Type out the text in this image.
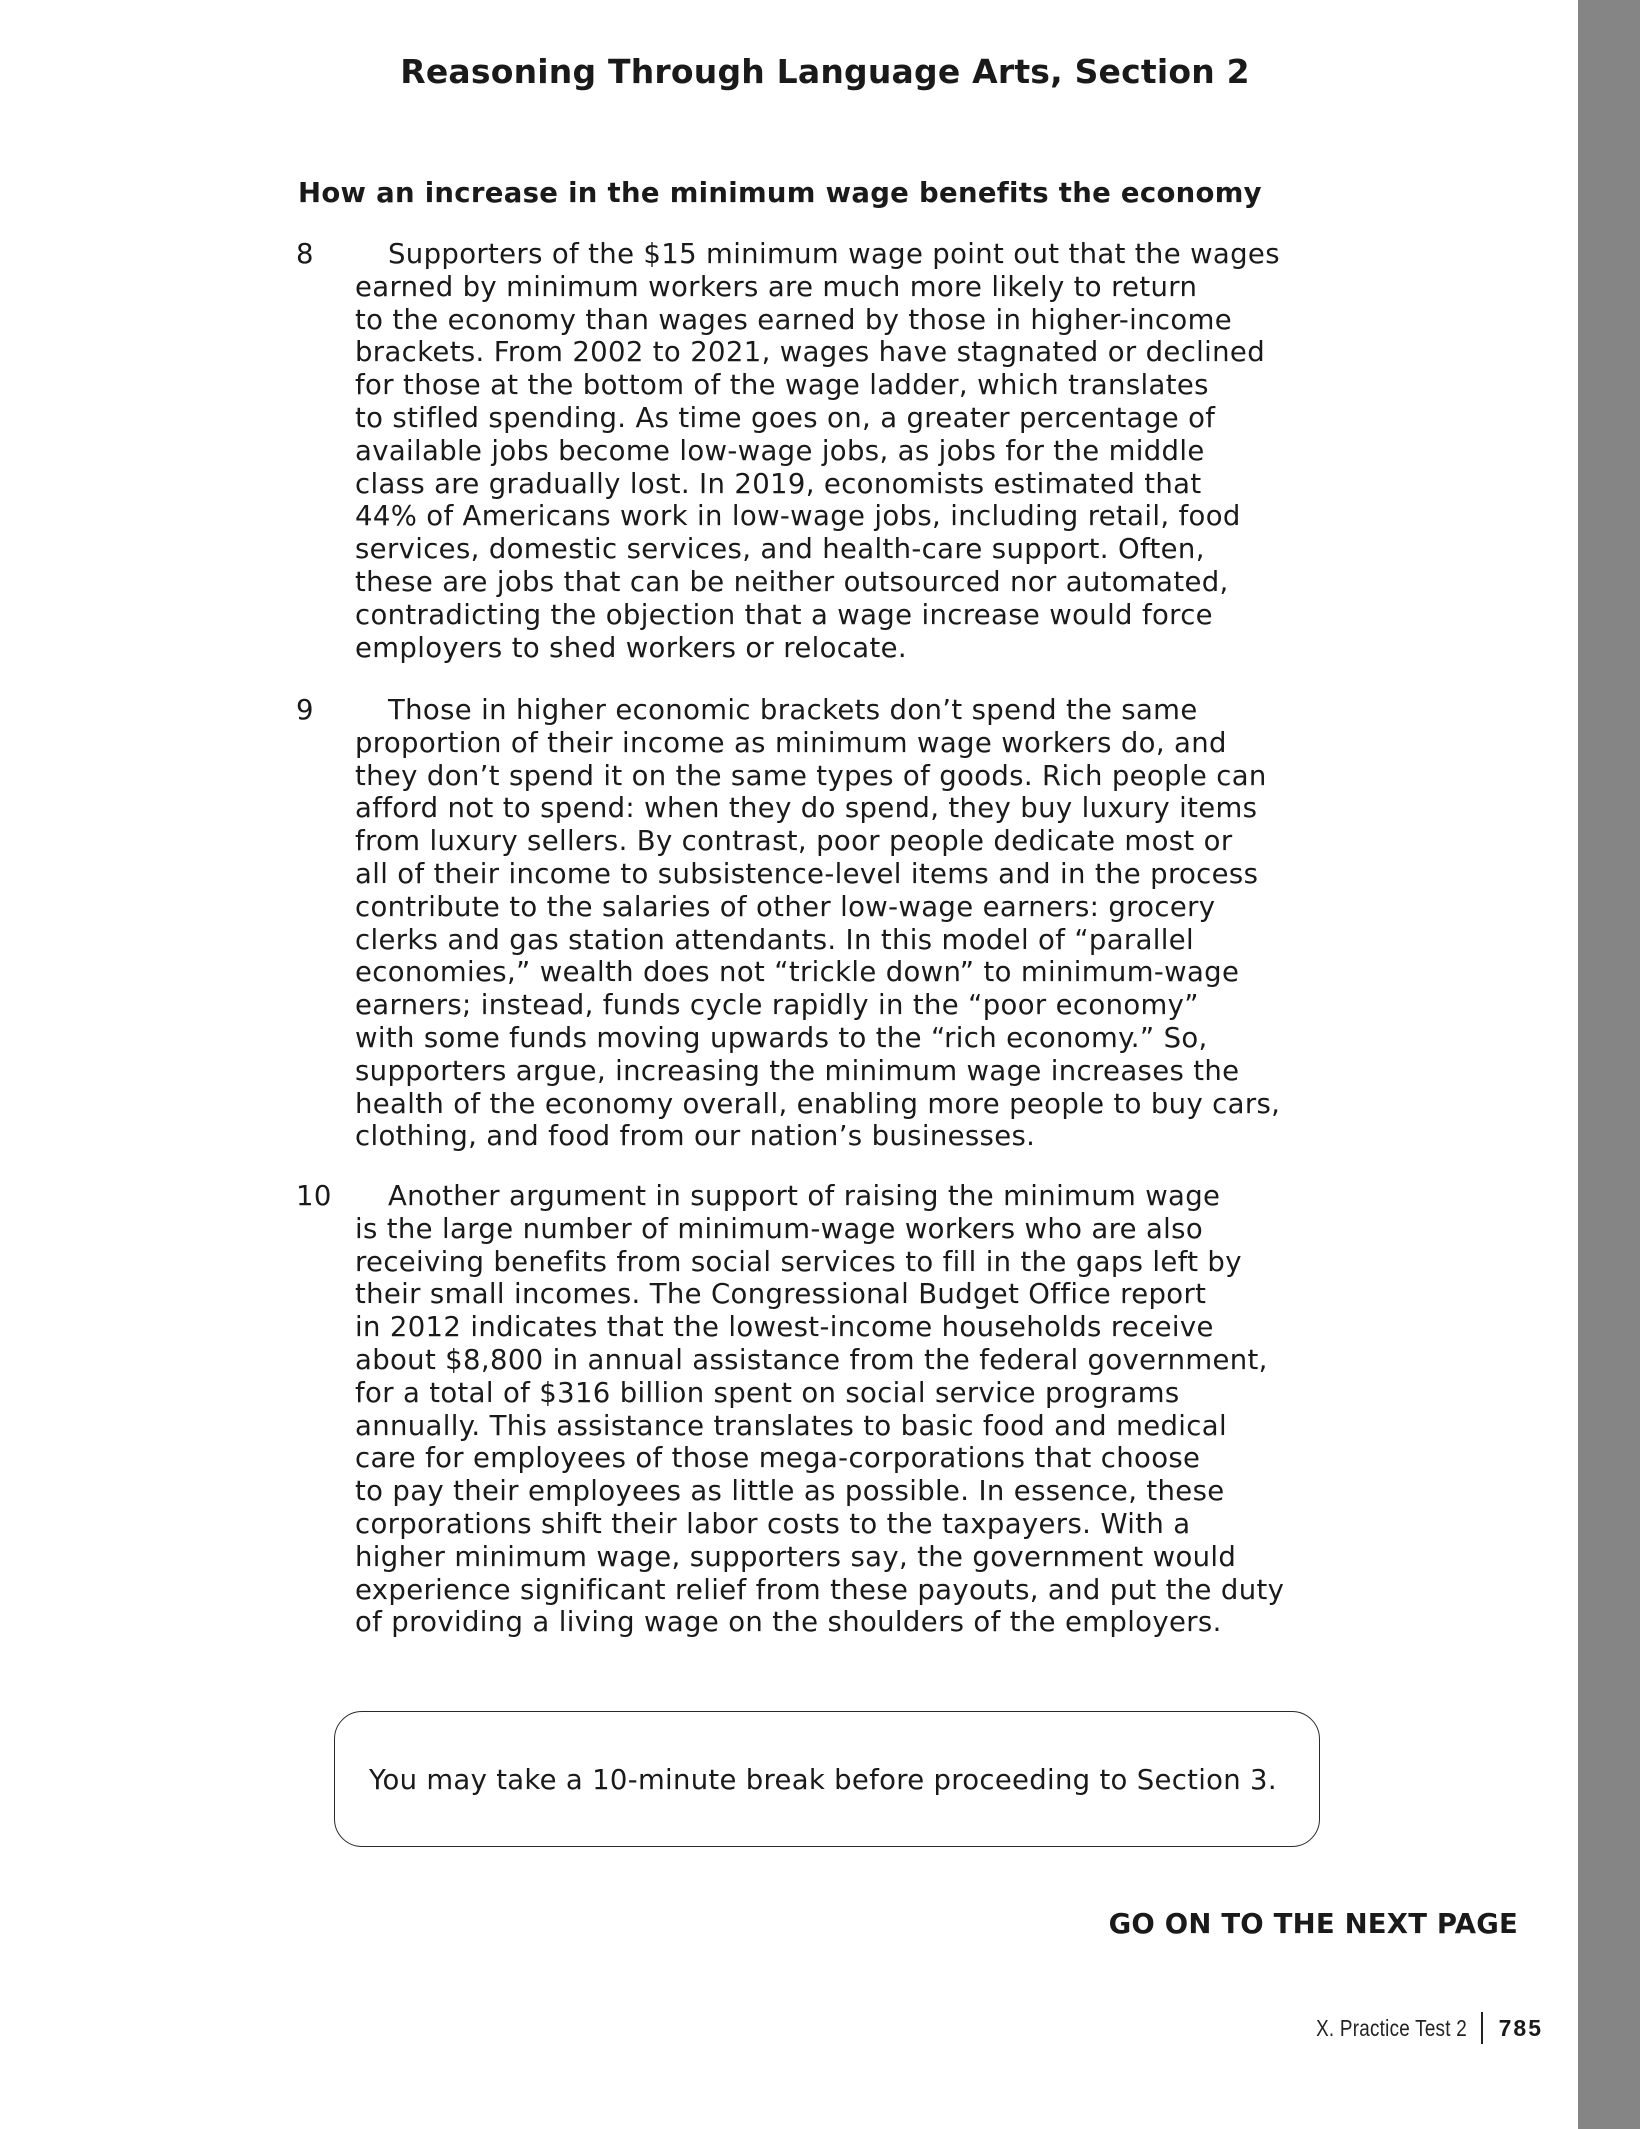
Reasoning Through Language Arts, Section 2
How an increase in the minimum wage benefits the economy
8	Supporters of the $15 minimum wage point out that the wages
earned by minimum workers are much more likely to return
to the economy than wages earned by those in higher-income
brackets. From 2002 to 2021, wages have stagnated or declined
for those at the bottom of the wage ladder, which translates
to stifled spending. As time goes on, a greater percentage of
available jobs become low-wage jobs, as jobs for the middle
class are gradually lost. In 2019, economists estimated that
44% of Americans work in low-wage jobs, including retail, food
services, domestic services, and health-care support. Often,
these are jobs that can be neither outsourced nor automated,
contradicting the objection that a wage increase would force
employers to shed workers or relocate.
9	Those in higher economic brackets don’t spend the same
proportion of their income as minimum wage workers do, and
they don’t spend it on the same types of goods. Rich people can
afford not to spend: when they do spend, they buy luxury items
from luxury sellers. By contrast, poor people dedicate most or
all of their income to subsistence-level items and in the process
contribute to the salaries of other low-wage earners: grocery
clerks and gas station attendants. In this model of “parallel
economies,” wealth does not “trickle down” to minimum-wage
earners; instead, funds cycle rapidly in the “poor economy”
with some funds moving upwards to the “rich economy.” So,
supporters argue, increasing the minimum wage increases the
health of the economy overall, enabling more people to buy cars,
clothing, and food from our nation’s businesses.
10	Another argument in support of raising the minimum wage
is the large number of minimum-wage workers who are also
receiving benefits from social services to fill in the gaps left by
their small incomes. The Congressional Budget Office report
in 2012 indicates that the lowest-income households receive
about $8,800 in annual assistance from the federal government,
for a total of $316 billion spent on social service programs
annually. This assistance translates to basic food and medical
care for employees of those mega-corporations that choose
to pay their employees as little as possible. In essence, these
corporations shift their labor costs to the taxpayers. With a
higher minimum wage, supporters say, the government would
experience significant relief from these payouts, and put the duty
of providing a living wage on the shoulders of the employers.
You may take a 10-minute break before proceeding to Section 3.
GO ON TO THE NEXT PAGE
X. Practice Test 2 785
